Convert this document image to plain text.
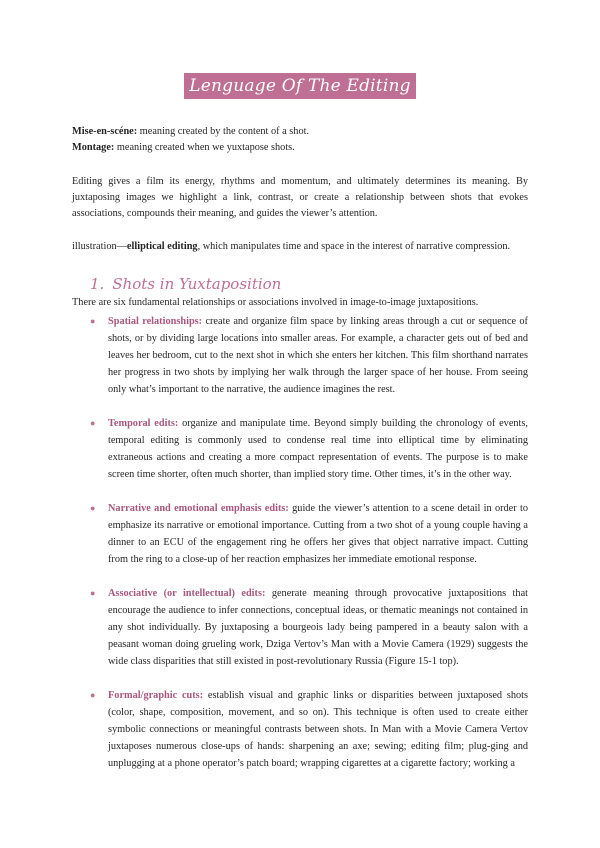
Lenguage Of The Editing
Mise-en-scéne: meaning created by the content of a shot.
Montage: meaning created when we yuxtapose shots.

Editing gives a film its energy, rhythms and momentum, and ultimately determines its meaning. By juxtaposing images we highlight a link, contrast, or create a relationship between shots that evokes associations, compounds their meaning, and guides the viewer’s attention.

illustration—elliptical editing, which manipulates time and space in the interest of narrative compression.
1. Shots in Yuxtaposition
There are six fundamental relationships or associations involved in image-to-image juxtapositions.
● Spatial relationships: create and organize film space by linking areas through a cut or sequence of shots, or by dividing large locations into smaller areas. For example, a character gets out of bed and leaves her bedroom, cut to the next shot in which she enters her kitchen. This film shorthand narrates her progress in two shots by implying her walk through the larger space of her house. From seeing only what’s important to the narrative, the audience imagines the rest.
● Temporal edits: organize and manipulate time. Beyond simply building the chronology of events, temporal editing is commonly used to condense real time into elliptical time by eliminating extraneous actions and creating a more compact representation of events. The purpose is to make screen time shorter, often much shorter, than implied story time. Other times, it’s in the other way.
● Narrative and emotional emphasis edits: guide the viewer’s attention to a scene detail in order to emphasize its narrative or emotional importance. Cutting from a two shot of a young couple having a dinner to an ECU of the engagement ring he offers her gives that object narrative impact. Cutting from the ring to a close-up of her reaction emphasizes her immediate emotional response.
● Associative (or intellectual) edits: generate meaning through provocative juxtapositions that encourage the audience to infer connections, conceptual ideas, or thematic meanings not contained in any shot individually. By juxtaposing a bourgeois lady being pampered in a beauty salon with a peasant woman doing grueling work, Dziga Vertov’s Man with a Movie Camera (1929) suggests the wide class disparities that still existed in post-revolutionary Russia (Figure 15-1 top).
● Formal/graphic cuts: establish visual and graphic links or disparities between juxtaposed shots (color, shape, composition, movement, and so on). This technique is often used to create either symbolic connections or meaningful contrasts between shots. In Man with a Movie Camera Vertov juxtaposes numerous close-ups of hands: sharpening an axe; sewing; editing film; plug-ging and unplugging at a phone operator’s patch board; wrapping cigarettes at a cigarette factory; working a
